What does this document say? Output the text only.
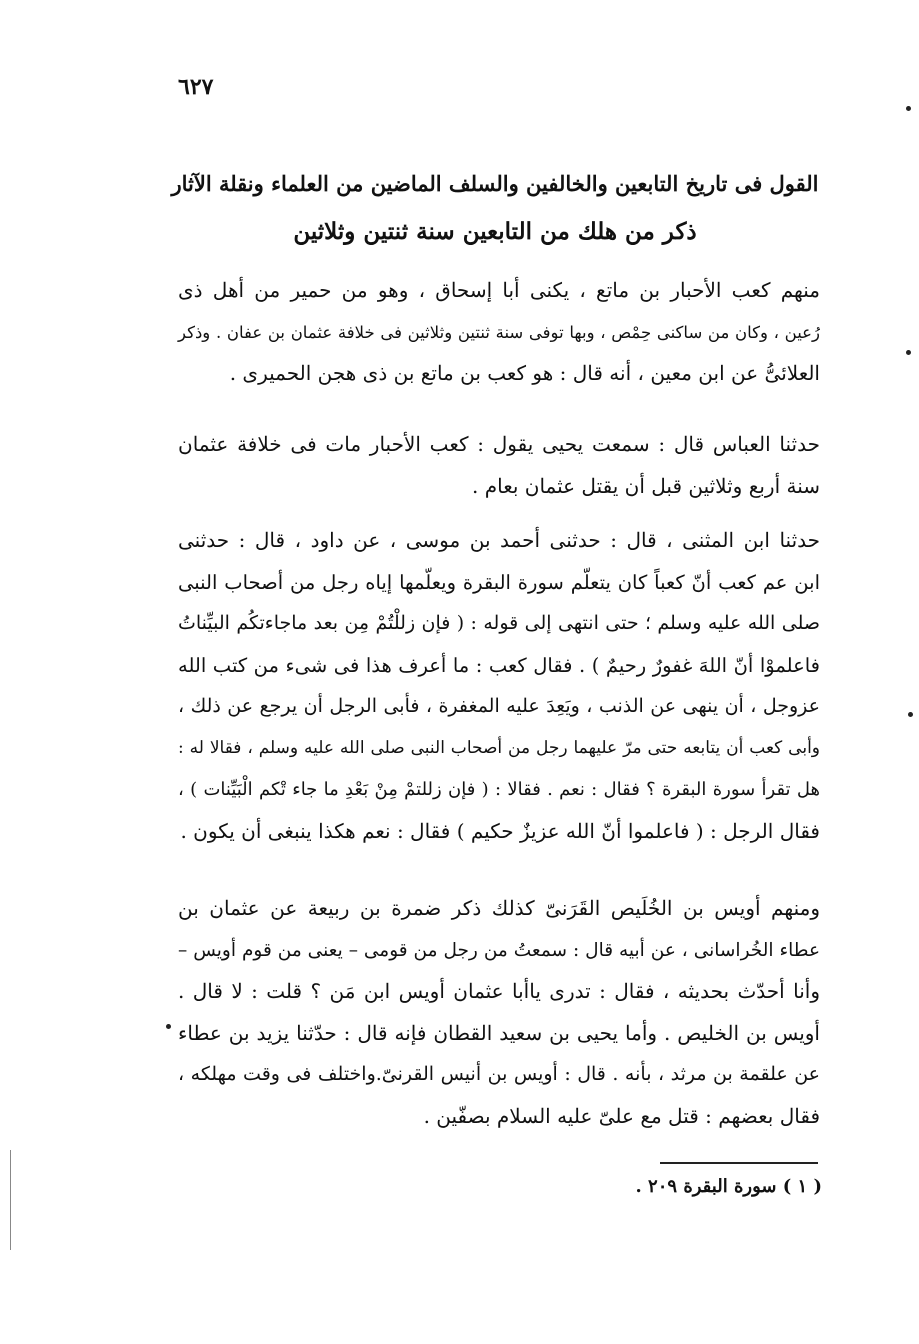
٦٢٧
القول فى تاريخ التابعين والخالفين والسلف الماضين من العلماء ونقلة الآثار
ذكر من هلك من التابعين سنة ثنتين وثلاثين
منهم كعب الأحبار بن ماتع ، يكنى أبا إسحاق ، وهو من حمير من أهل ذى
رُعين ، وكان من ساكنى حِمْص ، وبها توفى سنة ثنتين وثلاثين فى خلافة عثمان بن عفان . وذكر
العلائىُّ عن ابن معين ، أنه قال : هو كعب بن ماتع بن ذى هجن الحميرى .
حدثنا العباس قال : سمعت يحيى يقول : كعب الأحبار مات فى خلافة عثمان
سنة أربع وثلاثين قبل أن يقتل عثمان بعام .
حدثنا ابن المثنى ، قال : حدثنى أحمد بن موسى ، عن داود ، قال : حدثنى
ابن عم كعب أنّ كعباً كان يتعلّم سورة البقرة ويعلّمها إياه رجل من أصحاب النبى
صلى الله عليه وسلم ؛ حتى انتهى إلى قوله : ( فإن زللْتُمْ مِن بعد ماجاءتكُم البيِّناتُ
فاعلموْا أنّ اللهَ غفورٌ رحيمٌ ) . فقال كعب : ما أعرف هذا فى شىء من كتب الله
عزوجل ، أن ينهى عن الذنب ، ويَعِدَ عليه المغفرة ، فأبى الرجل أن يرجع عن ذلك ،
وأبى كعب أن يتابعه حتى مرّ عليهما رجل من أصحاب النبى صلى الله عليه وسلم ، فقالا له :
هل تقرأ سورة البقرة ؟ فقال : نعم . فقالا : ( فإن زللتمْ مِنْ بَعْدِ ما جاء تْكم الْبَيِّنات ) ،
فقال الرجل : ( فاعلموا أنّ الله عزيزٌ حكيم ) فقال : نعم هكذا ينبغى أن يكون .
ومنهم أويس بن الخُلَيص القَرَنىّ كذلك ذكر ضمرة بن ربيعة عن عثمان بن
عطاء الخُراسانى ، عن أبيه قال : سمعتُ من رجل من قومى – يعنى من قوم أويس –
وأنا أحدّث بحديثه ، فقال : تدرى ياأبا عثمان أويس ابن مَن ؟ قلت : لا قال .
أويس بن الخليص . وأما يحيى بن سعيد القطان فإنه قال : حدّثنا يزيد بن عطاء
عن علقمة بن مرثد ، بأنه . قال : أويس بن أنيس القرنىّ.واختلف فى وقت مهلكه ،
فقال بعضهم : قتل مع علىّ عليه السلام بصفّين .
( ١ ) سورة البقرة ٢٠٩ .
